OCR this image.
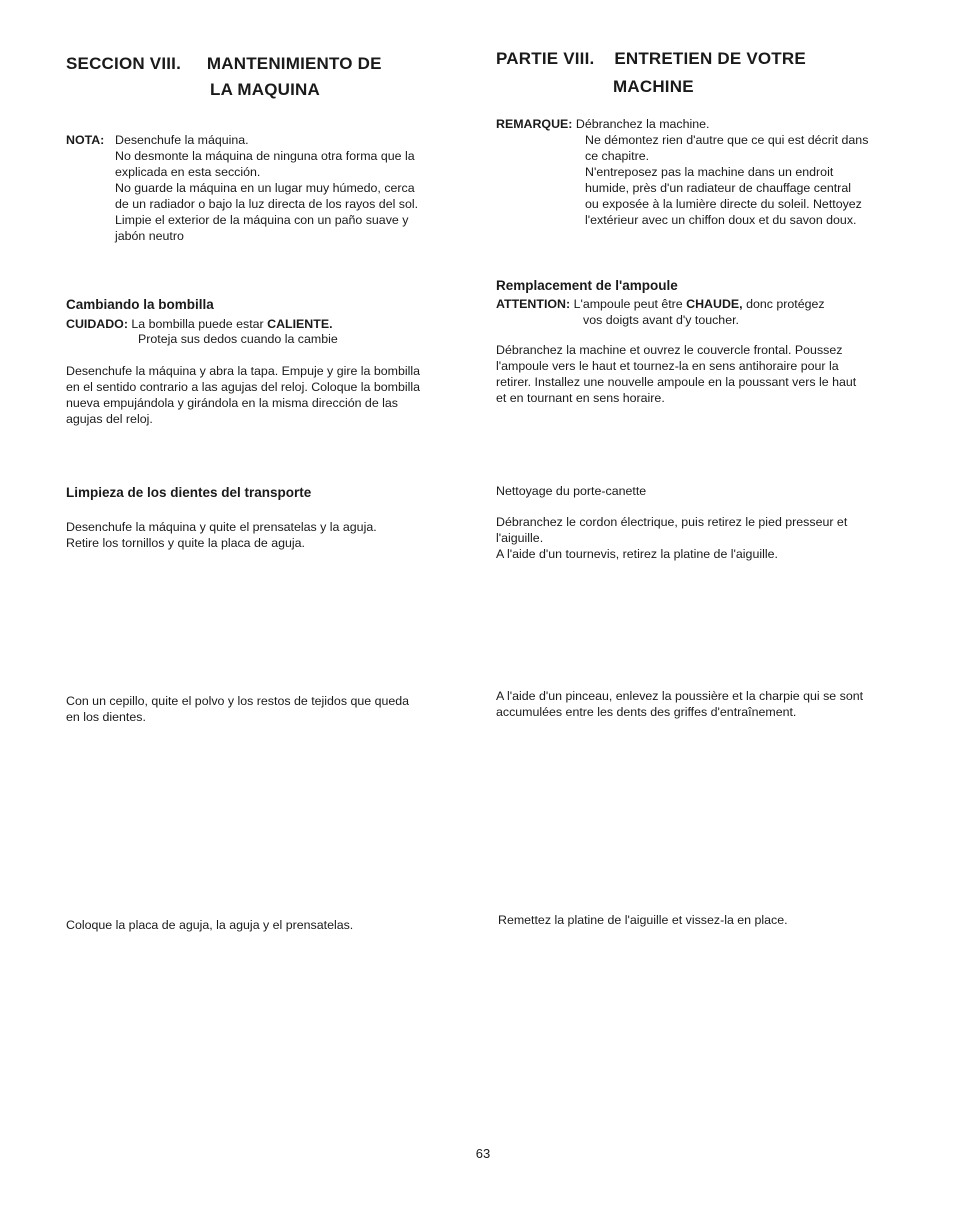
SECCION VIII. MANTENIMIENTO DE
LA MAQUINA
NOTA: Desenchufe la máquina.
No desmonte la máquina de ninguna otra forma que la
explicada en esta sección.
No guarde la máquina en un lugar muy húmedo, cerca
de un radiador o bajo la luz directa de los rayos del sol.
Limpie el exterior de la máquina con un paño suave y
jabón neutro
Cambiando la bombilla
CUIDADO: La bombilla puede estar CALIENTE.
Proteja sus dedos cuando la cambie
Desenchufe la máquina y abra la tapa. Empuje y gire la bombilla
en el sentido contrario a las agujas del reloj. Coloque la bombilla
nueva empujándola y girándola en la misma dirección de las
agujas del reloj.
Limpieza de los dientes del transporte
Desenchufe la máquina y quite el prensatelas y la aguja.
Retire los tornillos y quite la placa de aguja.
Con un cepillo, quite el polvo y los restos de tejidos que queda
en los dientes.
Coloque la placa de aguja, la aguja y el prensatelas.
PARTIE VIII. ENTRETIEN DE VOTRE
MACHINE
REMARQUE: Débranchez la machine.
Ne démontez rien d'autre que ce qui est décrit dans
ce chapitre.
N'entreposez pas la machine dans un endroit
humide, près d'un radiateur de chauffage central
ou exposée à la lumière directe du soleil. Nettoyez
l'extérieur avec un chiffon doux et du savon doux.
Remplacement de l'ampoule
ATTENTION: L'ampoule peut être CHAUDE, donc protégez
vos doigts avant d'y toucher.
Débranchez la machine et ouvrez le couvercle frontal. Poussez
l'ampoule vers le haut et tournez-la en sens antihoraire pour la
retirer. Installez une nouvelle ampoule en la poussant vers le haut
et en tournant en sens horaire.
Nettoyage du porte-canette
Débranchez le cordon électrique, puis retirez le pied presseur et
l'aiguille.
A l'aide d'un tournevis, retirez la platine de l'aiguille.
A l'aide d'un pinceau, enlevez la poussière et la charpie qui se sont
accumulées entre les dents des griffes d'entraînement.
Remettez la platine de l'aiguille et vissez-la en place.
63
